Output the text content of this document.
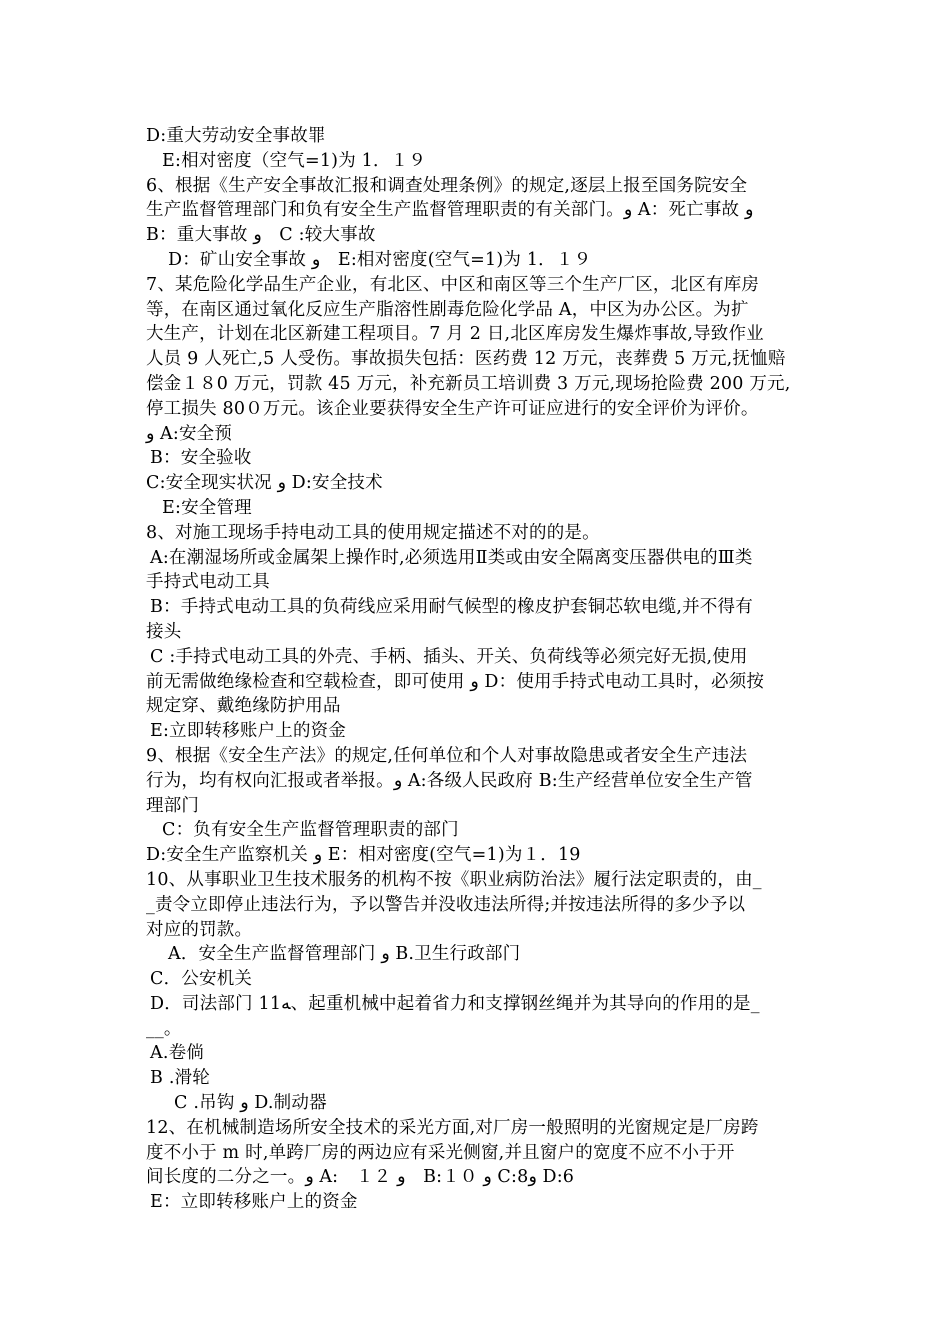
D:重大劳动安全事故罪
E:相对密度（空气=1)为 1．１９
6、根据《生产安全事故汇报和调查处理条例》的规定,逐层上报至国务院安全
生产监督管理部门和负有安全生产监督管理职责的有关部门。و A：死亡事故 و
B：重大事故 و　C :较大事故
D：矿山安全事故 و　E:相对密度(空气=1)为 1．１９
7、某危险化学品生产企业，有北区、中区和南区等三个生产厂区，北区有库房
等，在南区通过氧化反应生产脂溶性剧毒危险化学品 A，中区为办公区。为扩
大生产，计划在北区新建工程项目。7 月 2 日,北区库房发生爆炸事故,导致作业
人员 9 人死亡,5 人受伤。事故损失包括：医药费 12 万元，丧葬费 5 万元,抚恤赔
偿金１８0 万元，罚款 45 万元，补充新员工培训费 3 万元,现场抢险费 200 万元,
停工损失 80０万元。该企业要获得安全生产许可证应进行的安全评价为评价。
و A:安全预
B：安全验收
C:安全现实状况 و D:安全技术
E:安全管理
8、对施工现场手持电动工具的使用规定描述不对的的是。
A:在潮湿场所或金属架上操作时,必须选用Ⅱ类或由安全隔离变压器供电的Ⅲ类
手持式电动工具
B：手持式电动工具的负荷线应采用耐气候型的橡皮护套铜芯软电缆,并不得有
接头
C :手持式电动工具的外壳、手柄、插头、开关、负荷线等必须完好无损,使用
前无需做绝缘检查和空载检查，即可使用 و D：使用手持式电动工具时，必须按
规定穿、戴绝缘防护用品
E:立即转移账户上的资金
9、根据《安全生产法》的规定,任何单位和个人对事故隐患或者安全生产违法
行为，均有权向汇报或者举报。و A:各级人民政府 B:生产经营单位安全生产管
理部门
C：负有安全生产监督管理职责的部门
D:安全生产监察机关 و E：相对密度(空气=1)为１．19
10、从事职业卫生技术服务的机构不按《职业病防治法》履行法定职责的，由_
_责令立即停止违法行为，予以警告并没收违法所得;并按违法所得的多少予以
对应的罚款。
A．安全生产监督管理部门 و B.卫生行政部门
C．公安机关
D．司法部门 11ﻪ、起重机械中起着省力和支撑钢丝绳并为其导向的作用的是_
__。
A.卷倘
B .滑轮
C .吊钩 و D.制动器
12、在机械制造场所安全技术的采光方面,对厂房一般照明的光窗规定是厂房跨
度不小于 m 时,单跨厂房的两边应有采光侧窗,并且窗户的宽度不应不小于开
间长度的二分之一。و A:　１２ و　B:１０ و C:8و D:6
E：立即转移账户上的资金
